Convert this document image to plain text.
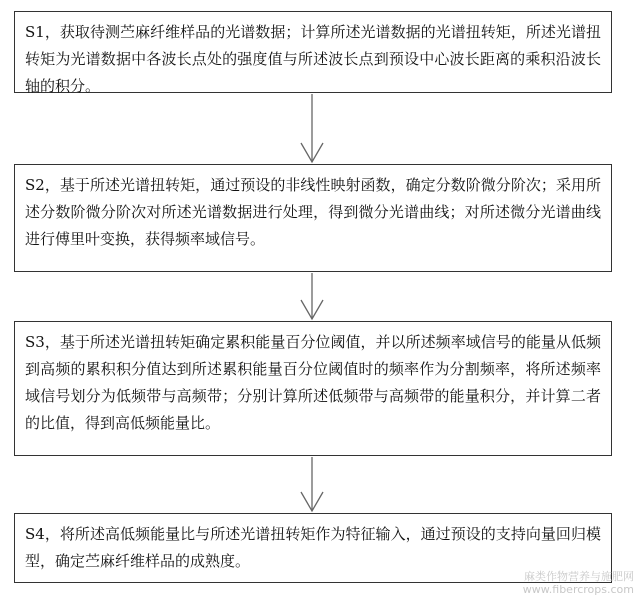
S1，获取待测苎麻纤维样品的光谱数据；计算所述光谱数据的光谱扭转矩，所述光谱扭转矩为光谱数据中各波长点处的强度值与所述波长点到预设中心波长距离的乘积沿波长轴的积分。
S2，基于所述光谱扭转矩，通过预设的非线性映射函数，确定分数阶微分阶次；采用所述分数阶微分阶次对所述光谱数据进行处理，得到微分光谱曲线；对所述微分光谱曲线进行傅里叶变换，获得频率域信号。
S3，基于所述光谱扭转矩确定累积能量百分位阈值，并以所述频率域信号的能量从低频到高频的累积积分值达到所述累积能量百分位阈值时的频率作为分割频率，将所述频率域信号划分为低频带与高频带；分别计算所述低频带与高频带的能量积分，并计算二者的比值，得到高低频能量比。
S4，将所述高低频能量比与所述光谱扭转矩作为特征输入，通过预设的支持向量回归模型，确定苎麻纤维样品的成熟度。
麻类作物营养与施肥网
www.fibercrops.com
